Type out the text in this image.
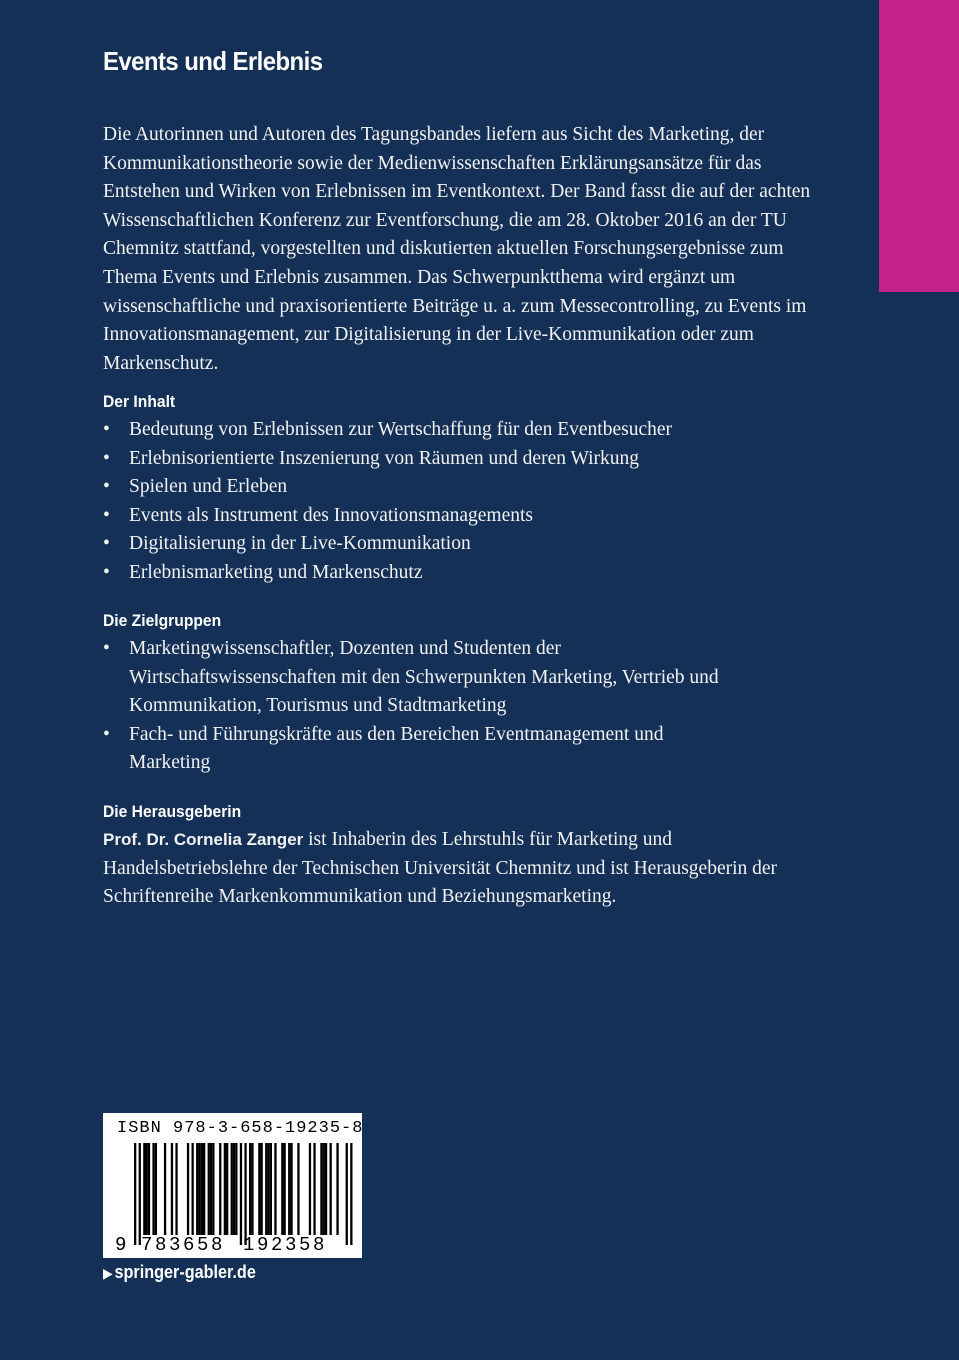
Events und Erlebnis

Die Autorinnen und Autoren des Tagungsbandes liefern aus Sicht des Marketing, der Kommunikationstheorie sowie der Medienwissenschaften Erklärungsansätze für das Entstehen und Wirken von Erlebnissen im Eventkontext. Der Band fasst die auf der achten Wissenschaftlichen Konferenz zur Eventforschung, die am 28. Oktober 2016 an der TU Chemnitz stattfand, vorgestellten und diskutierten aktuellen Forschungsergebnisse zum Thema Events und Erlebnis zusammen. Das Schwerpunktthema wird ergänzt um wissenschaftliche und praxisorientierte Beiträge u. a. zum Messecontrolling, zu Events im Innovationsmanagement, zur Digitalisierung in der Live-Kommunikation oder zum Markenschutz.

Der Inhalt
• Bedeutung von Erlebnissen zur Wertschaffung für den Eventbesucher
• Erlebnisorientierte Inszenierung von Räumen und deren Wirkung
• Spielen und Erleben
• Events als Instrument des Innovationsmanagements
• Digitalisierung in der Live-Kommunikation
• Erlebnismarketing und Markenschutz
Die Zielgruppen
• Marketingwissenschaftler, Dozenten und Studenten der Wirtschaftswissenschaften mit den Schwerpunkten Marketing, Vertrieb und Kommunikation, Tourismus und Stadtmarketing
• Fach- und Führungskräfte aus den Bereichen Eventmanagement und Marketing
Die Herausgeberin

Prof. Dr. Cornelia Zanger ist Inhaberin des Lehrstuhls für Marketing und Handelsbetriebslehre der Technischen Universität Chemnitz und ist Herausgeberin der Schriftenreihe Markenkommunikation und Beziehungsmarketing.

ISBN 978-3-658-19235-8
9 783658 192358
▶ springer-gabler.de
